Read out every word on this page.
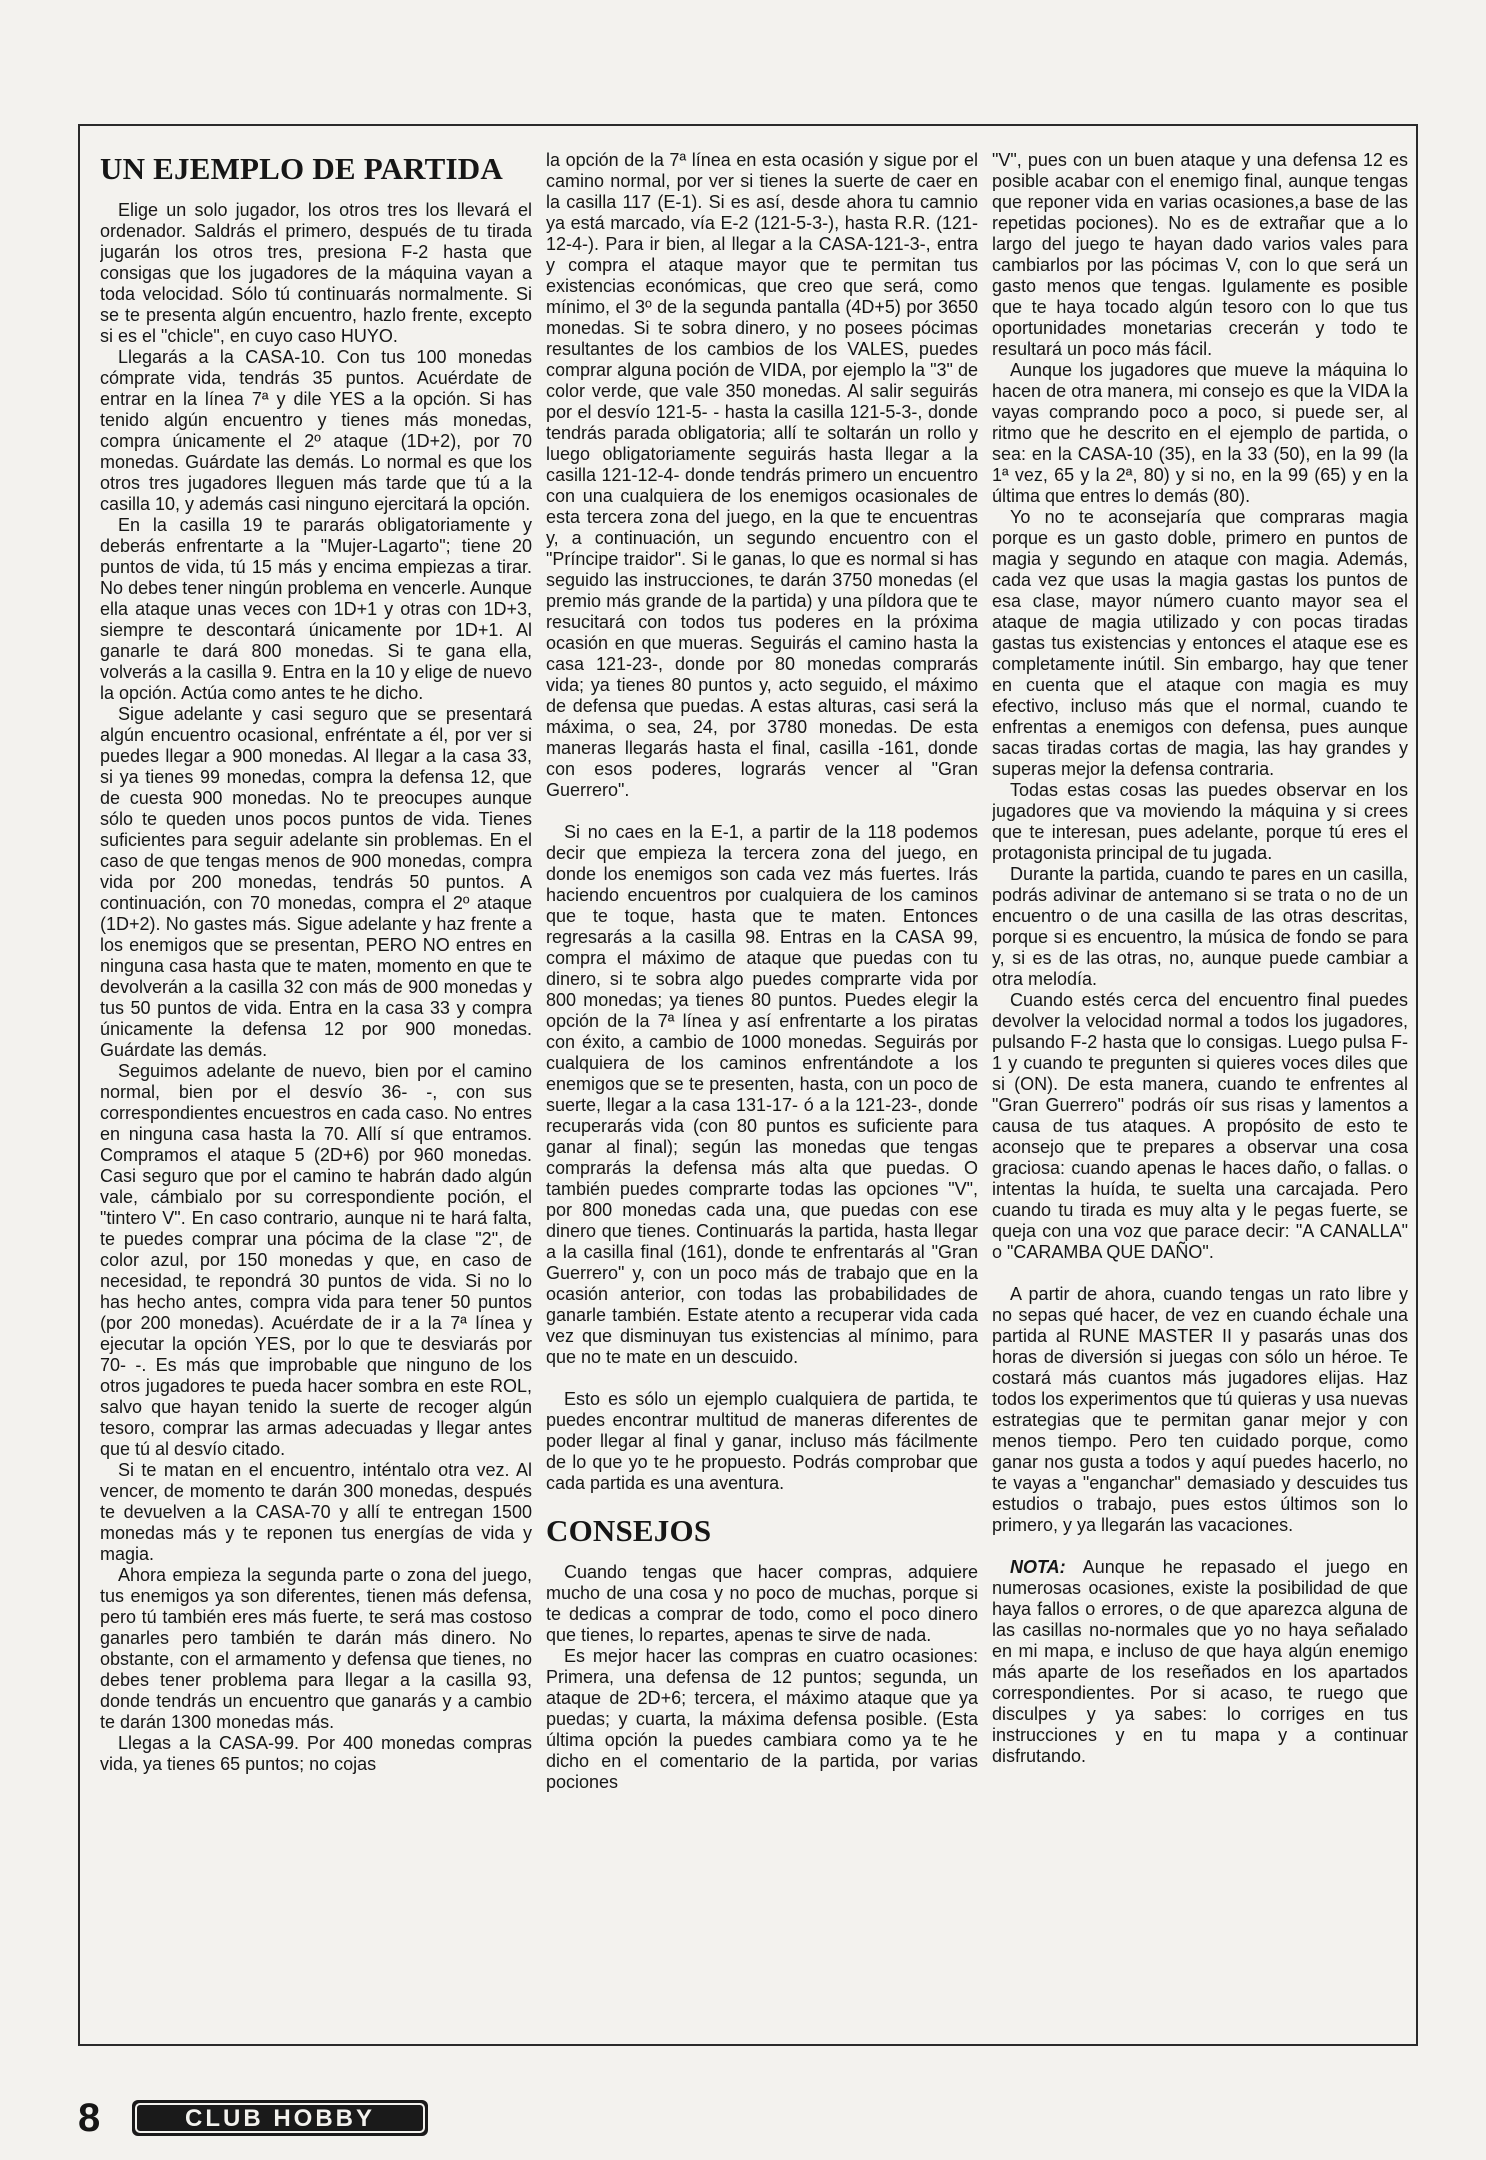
UN EJEMPLO DE PARTIDA

Elige un solo jugador, los otros tres los llevará el ordenador. Saldrás el primero, después de tu tirada jugarán los otros tres, presiona F-2 hasta que consigas que los jugadores de la máquina vayan a toda velocidad. Sólo tú continuarás normalmente. Si se te presenta algún encuentro, hazlo frente, excepto si es el "chicle", en cuyo caso HUYO.

Llegarás a la CASA-10. Con tus 100 monedas cómprate vida, tendrás 35 puntos. Acuérdate de entrar en la línea 7ª y dile YES a la opción. Si has tenido algún encuentro y tienes más monedas, compra únicamente el 2º ataque (1D+2), por 70 monedas. Guárdate las demás. Lo normal es que los otros tres jugadores lleguen más tarde que tú a la casilla 10, y además casi ninguno ejercitará la opción.

En la casilla 19 te pararás obligatoriamente y deberás enfrentarte a la "Mujer-Lagarto"; tiene 20 puntos de vida, tú 15 más y encima empiezas a tirar. No debes tener ningún problema en vencerle. Aunque ella ataque unas veces con 1D+1 y otras con 1D+3, siempre te descontará únicamente por 1D+1. Al ganarle te dará 800 monedas. Si te gana ella, volverás a la casilla 9. Entra en la 10 y elige de nuevo la opción. Actúa como antes te he dicho.

Sigue adelante y casi seguro que se presentará algún encuentro ocasional, enfréntate a él, por ver si puedes llegar a 900 monedas. Al llegar a la casa 33, si ya tienes 99 monedas, compra la defensa 12, que de cuesta 900 monedas. No te preocupes aunque sólo te queden unos pocos puntos de vida. Tienes suficientes para seguir adelante sin problemas. En el caso de que tengas menos de 900 monedas, compra vida por 200 monedas, tendrás 50 puntos. A continuación, con 70 monedas, compra el 2º ataque (1D+2). No gastes más. Sigue adelante y haz frente a los enemigos que se presentan, PERO NO entres en ninguna casa hasta que te maten, momento en que te devolverán a la casilla 32 con más de 900 monedas y tus 50 puntos de vida. Entra en la casa 33 y compra únicamente la defensa 12 por 900 monedas. Guárdate las demás.

Seguimos adelante de nuevo, bien por el camino normal, bien por el desvío 36- -, con sus correspondientes encuestros en cada caso. No entres en ninguna casa hasta la 70. Allí sí que entramos. Compramos el ataque 5 (2D+6) por 960 monedas. Casi seguro que por el camino te habrán dado algún vale, cámbialo por su correspondiente poción, el "tintero V". En caso contrario, aunque ni te hará falta, te puedes comprar una pócima de la clase "2", de color azul, por 150 monedas y que, en caso de necesidad, te repondrá 30 puntos de vida. Si no lo has hecho antes, compra vida para tener 50 puntos (por 200 monedas). Acuérdate de ir a la 7ª línea y ejecutar la opción YES, por lo que te desviarás por 70- -. Es más que improbable que ninguno de los otros jugadores te pueda hacer sombra en este ROL, salvo que hayan tenido la suerte de recoger algún tesoro, comprar las armas adecuadas y llegar antes que tú al desvío citado.

Si te matan en el encuentro, inténtalo otra vez. Al vencer, de momento te darán 300 monedas, después te devuelven a la CASA-70 y allí te entregan 1500 monedas más y te reponen tus energías de vida y magia.

Ahora empieza la segunda parte o zona del juego, tus enemigos ya son diferentes, tienen más defensa, pero tú también eres más fuerte, te será mas costoso ganarles pero también te darán más dinero. No obstante, con el armamento y defensa que tienes, no debes tener problema para llegar a la casilla 93, donde tendrás un encuentro que ganarás y a cambio te darán 1300 monedas más.

Llegas a la CASA-99. Por 400 monedas compras vida, ya tienes 65 puntos; no cojas

la opción de la 7ª línea en esta ocasión y sigue por el camino normal, por ver si tienes la suerte de caer en la casilla 117 (E-1). Si es así, desde ahora tu camnio ya está marcado, vía E-2 (121-5-3-), hasta R.R. (121-12-4-). Para ir bien, al llegar a la CASA-121-3-, entra y compra el ataque mayor que te permitan tus existencias económicas, que creo que será, como mínimo, el 3º de la segunda pantalla (4D+5) por 3650 monedas. Si te sobra dinero, y no posees pócimas resultantes de los cambios de los VALES, puedes comprar alguna poción de VIDA, por ejemplo la "3" de color verde, que vale 350 monedas. Al salir seguirás por el desvío 121-5- - hasta la casilla 121-5-3-, donde tendrás parada obligatoria; allí te soltarán un rollo y luego obligatoriamente seguirás hasta llegar a la casilla 121-12-4- donde tendrás primero un encuentro con una cualquiera de los enemigos ocasionales de esta tercera zona del juego, en la que te encuentras y, a continuación, un segundo encuentro con el "Príncipe traidor". Si le ganas, lo que es normal si has seguido las instrucciones, te darán 3750 monedas (el premio más grande de la partida) y una píldora que te resucitará con todos tus poderes en la próxima ocasión en que mueras. Seguirás el camino hasta la casa 121-23-, donde por 80 monedas comprarás vida; ya tienes 80 puntos y, acto seguido, el máximo de defensa que puedas. A estas alturas, casi será la máxima, o sea, 24, por 3780 monedas. De esta maneras llegarás hasta el final, casilla -161, donde con esos poderes, lograrás vencer al "Gran Guerrero".

Si no caes en la E-1, a partir de la 118 podemos decir que empieza la tercera zona del juego, en donde los enemigos son cada vez más fuertes. Irás haciendo encuentros por cualquiera de los caminos que te toque, hasta que te maten. Entonces regresarás a la casilla 98. Entras en la CASA 99, compra el máximo de ataque que puedas con tu dinero, si te sobra algo puedes comprarte vida por 800 monedas; ya tienes 80 puntos. Puedes elegir la opción de la 7ª línea y así enfrentarte a los piratas con éxito, a cambio de 1000 monedas. Seguirás por cualquiera de los caminos enfrentándote a los enemigos que se te presenten, hasta, con un poco de suerte, llegar a la casa 131-17- ó a la 121-23-, donde recuperarás vida (con 80 puntos es suficiente para ganar al final); según las monedas que tengas comprarás la defensa más alta que puedas. O también puedes comprarte todas las opciones "V", por 800 monedas cada una, que puedas con ese dinero que tienes. Continuarás la partida, hasta llegar a la casilla final (161), donde te enfrentarás al "Gran Guerrero" y, con un poco más de trabajo que en la ocasión anterior, con todas las probabilidades de ganarle también. Estate atento a recuperar vida cada vez que disminuyan tus existencias al mínimo, para que no te mate en un descuido.

Esto es sólo un ejemplo cualquiera de partida, te puedes encontrar multitud de maneras diferentes de poder llegar al final y ganar, incluso más fácilmente de lo que yo te he propuesto. Podrás comprobar que cada partida es una aventura.

CONSEJOS

Cuando tengas que hacer compras, adquiere mucho de una cosa y no poco de muchas, porque si te dedicas a comprar de todo, como el poco dinero que tienes, lo repartes, apenas te sirve de nada.

Es mejor hacer las compras en cuatro ocasiones: Primera, una defensa de 12 puntos; segunda, un ataque de 2D+6; tercera, el máximo ataque que ya puedas; y cuarta, la máxima defensa posible. (Esta última opción la puedes cambiara como ya te he dicho en el comentario de la partida, por varias pociones

"V", pues con un buen ataque y una defensa 12 es posible acabar con el enemigo final, aunque tengas que reponer vida en varias ocasiones,a base de las repetidas pociones). No es de extrañar que a lo largo del juego te hayan dado varios vales para cambiarlos por las pócimas V, con lo que será un gasto menos que tengas. Igulamente es posible que te haya tocado algún tesoro con lo que tus oportunidades monetarias crecerán y todo te resultará un poco más fácil.

Aunque los jugadores que mueve la máquina lo hacen de otra manera, mi consejo es que la VIDA la vayas comprando poco a poco, si puede ser, al ritmo que he descrito en el ejemplo de partida, o sea: en la CASA-10 (35), en la 33 (50), en la 99 (la 1ª vez, 65 y la 2ª, 80) y si no, en la 99 (65) y en la última que entres lo demás (80).

Yo no te aconsejaría que compraras magia porque es un gasto doble, primero en puntos de magia y segundo en ataque con magia. Además, cada vez que usas la magia gastas los puntos de esa clase, mayor número cuanto mayor sea el ataque de magia utilizado y con pocas tiradas gastas tus existencias y entonces el ataque ese es completamente inútil. Sin embargo, hay que tener en cuenta que el ataque con magia es muy efectivo, incluso más que el normal, cuando te enfrentas a enemigos con defensa, pues aunque sacas tiradas cortas de magia, las hay grandes y superas mejor la defensa contraria.

Todas estas cosas las puedes observar en los jugadores que va moviendo la máquina y si crees que te interesan, pues adelante, porque tú eres el protagonista principal de tu jugada.

Durante la partida, cuando te pares en un casilla, podrás adivinar de antemano si se trata o no de un encuentro o de una casilla de las otras descritas, porque si es encuentro, la música de fondo se para y, si es de las otras, no, aunque puede cambiar a otra melodía.

Cuando estés cerca del encuentro final puedes devolver la velocidad normal a todos los jugadores, pulsando F-2 hasta que lo consigas. Luego pulsa F-1 y cuando te pregunten si quieres voces diles que si (ON). De esta manera, cuando te enfrentes al "Gran Guerrero" podrás oír sus risas y lamentos a causa de tus ataques. A propósito de esto te aconsejo que te prepares a observar una cosa graciosa: cuando apenas le haces daño, o fallas. o intentas la huída, te suelta una carcajada. Pero cuando tu tirada es muy alta y le pegas fuerte, se queja con una voz que parace decir: "A CANALLA" o "CARAMBA QUE DAÑO".

A partir de ahora, cuando tengas un rato libre y no sepas qué hacer, de vez en cuando échale una partida al RUNE MASTER II y pasarás unas dos horas de diversión si juegas con sólo un héroe. Te costará más cuantos más jugadores elijas. Haz todos los experimentos que tú quieras y usa nuevas estrategias que te permitan ganar mejor y con menos tiempo. Pero ten cuidado porque, como ganar nos gusta a todos y aquí puedes hacerlo, no te vayas a "enganchar" demasiado y descuides tus estudios o trabajo, pues estos últimos son lo primero, y ya llegarán las vacaciones.

NOTA: Aunque he repasado el juego en numerosas ocasiones, existe la posibilidad de que haya fallos o errores, o de que aparezca alguna de las casillas no-normales que yo no haya señalado en mi mapa, e incluso de que haya algún enemigo más aparte de los reseñados en los apartados correspondientes. Por si acaso, te ruego que disculpes y ya sabes: lo corriges en tus instrucciones y en tu mapa y a continuar disfrutando.

8	CLUB HOBBY
